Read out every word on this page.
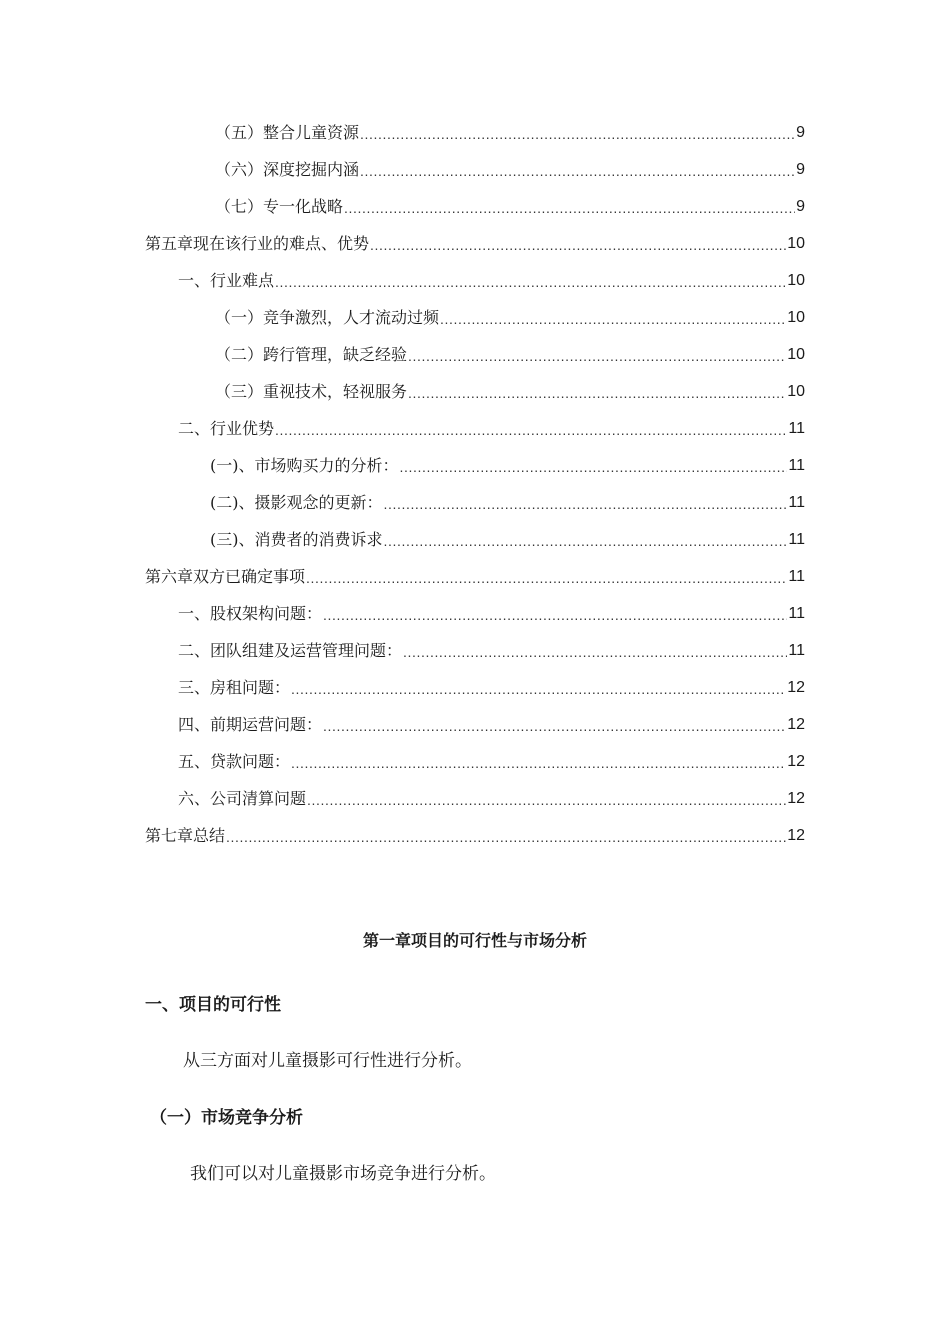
（五）整合儿童资源 .....	9
（六）深度挖掘内涵 .....	9
（七）专一化战略 .....	9
第五章现在该行业的难点、优势 .....	10
一、行业难点 .....	10
（一）竞争激烈，人才流动过频 .....	10
（二）跨行管理，缺乏经验 .....	10
（三）重视技术，轻视服务 .....	10
二、行业优势 .....	11
(一)、市场购买力的分析： .....	11
(二)、摄影观念的更新： .....	11
(三)、消费者的消费诉求 .....	11
第六章双方已确定事项 .....	11
一、股权架构问题： .....	11
二、团队组建及运营管理问题： .....	11
三、房租问题： .....	12
四、前期运营问题： .....	12
五、贷款问题： .....	12
六、公司清算问题 .....	12
第七章总结 .....	12
第一章项目的可行性与市场分析
一、项目的可行性
从三方面对儿童摄影可行性进行分析。
（一）市场竞争分析
我们可以对儿童摄影市场竞争进行分析。
